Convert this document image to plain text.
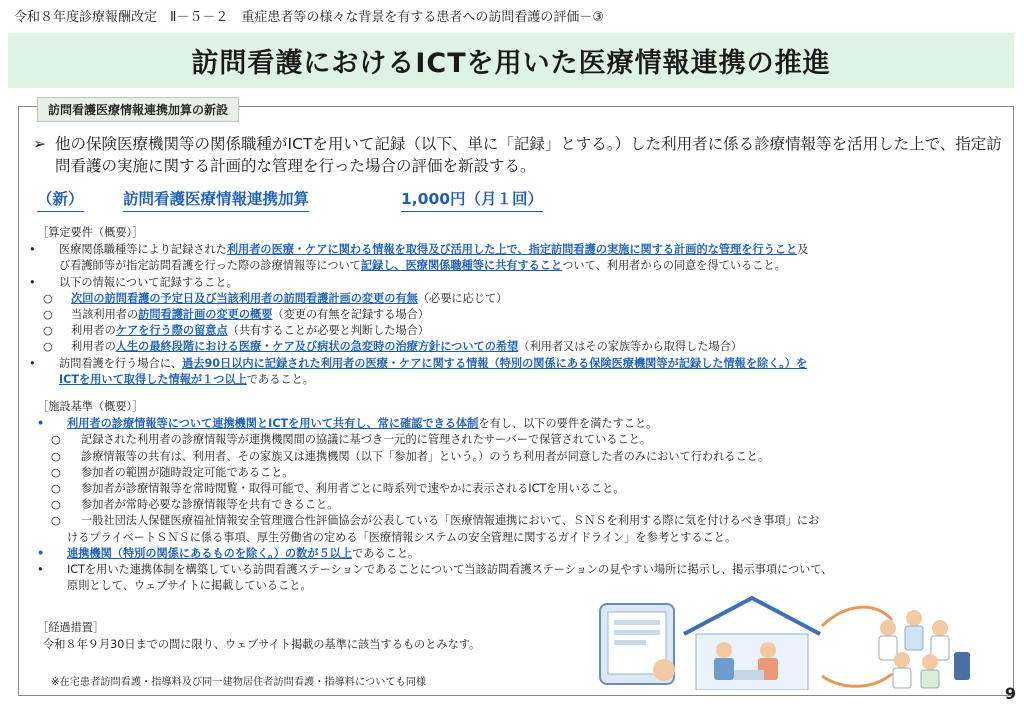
令和８年度診療報酬改定　Ⅱ－５－２　重症患者等の様々な背景を有する患者への訪問看護の評価－③
訪問看護におけるICTを用いた医療情報連携の推進
訪問看護医療情報連携加算の新設
➢ 他の保険医療機関等の関係職種がICTを用いて記録（以下、単に「記録」とする。）した利用者に係る診療情報等を活用した上で、指定訪問看護の実施に関する計画的な管理を行った場合の評価を新設する。
（新）	訪問看護医療情報連携加算	1,000円（月１回）
［算定要件（概要）］
• 医療関係職種等により記録された利用者の医療・ケアに関わる情報を取得及び活用した上で、指定訪問看護の実施に関する計画的な管理を行うこと及
び看護師等が指定訪問看護を行った際の診療情報等について記録し、医療関係職種等に共有することついて、利用者からの同意を得ていること。
• 以下の情報について記録すること。
○ 次回の訪問看護の予定日及び当該利用者の訪問看護計画の変更の有無（必要に応じて）
○ 当該利用者の訪問看護計画の変更の概要（変更の有無を記録する場合）
○ 利用者のケアを行う際の留意点（共有することが必要と判断した場合）
○ 利用者の人生の最終段階における医療・ケア及び病状の急変時の治療方針についての希望（利用者又はその家族等から取得した場合）
• 訪問看護を行う場合に、過去90日以内に記録された利用者の医療・ケアに関する情報（特別の関係にある保険医療機関等が記録した情報を除く。）を
ICTを用いて取得した情報が１つ以上であること。
［施設基準（概要）］
• 利用者の診療情報等について連携機関とICTを用いて共有し、常に確認できる体制を有し、以下の要件を満たすこと。
○ 記録された利用者の診療情報等が連携機関間の協議に基づき一元的に管理されたサーバーで保管されていること。
○ 診療情報等の共有は、利用者、その家族又は連携機関（以下「参加者」という。）のうち利用者が同意した者のみにおいて行われること。
○ 参加者の範囲が随時設定可能であること。
○ 参加者が診療情報等を常時閲覧・取得可能で、利用者ごとに時系列で速やかに表示されるICTを用いること。
○ 参加者が常時必要な診療情報等を共有できること。
○ 一般社団法人保健医療福祉情報安全管理適合性評価協会が公表している「医療情報連携において、ＳＮＳを利用する際に気を付けるべき事項」にお
けるプライベートＳＮＳに係る事項、厚生労働省の定める「医療情報システムの安全管理に関するガイドライン」を参考とすること。
• 連携機関（特別の関係にあるものを除く。）の数が５以上であること。
• ICTを用いた連携体制を構築している訪問看護ステーションであることについて当該訪問看護ステーションの見やすい場所に掲示し、掲示事項について、
原則として、ウェブサイトに掲載していること。
［経過措置］
令和８年９月30日までの間に限り、ウェブサイト掲載の基準に該当するものとみなす。
※在宅患者訪問看護・指導料及び同一建物居住者訪問看護・指導料についても同様
9
